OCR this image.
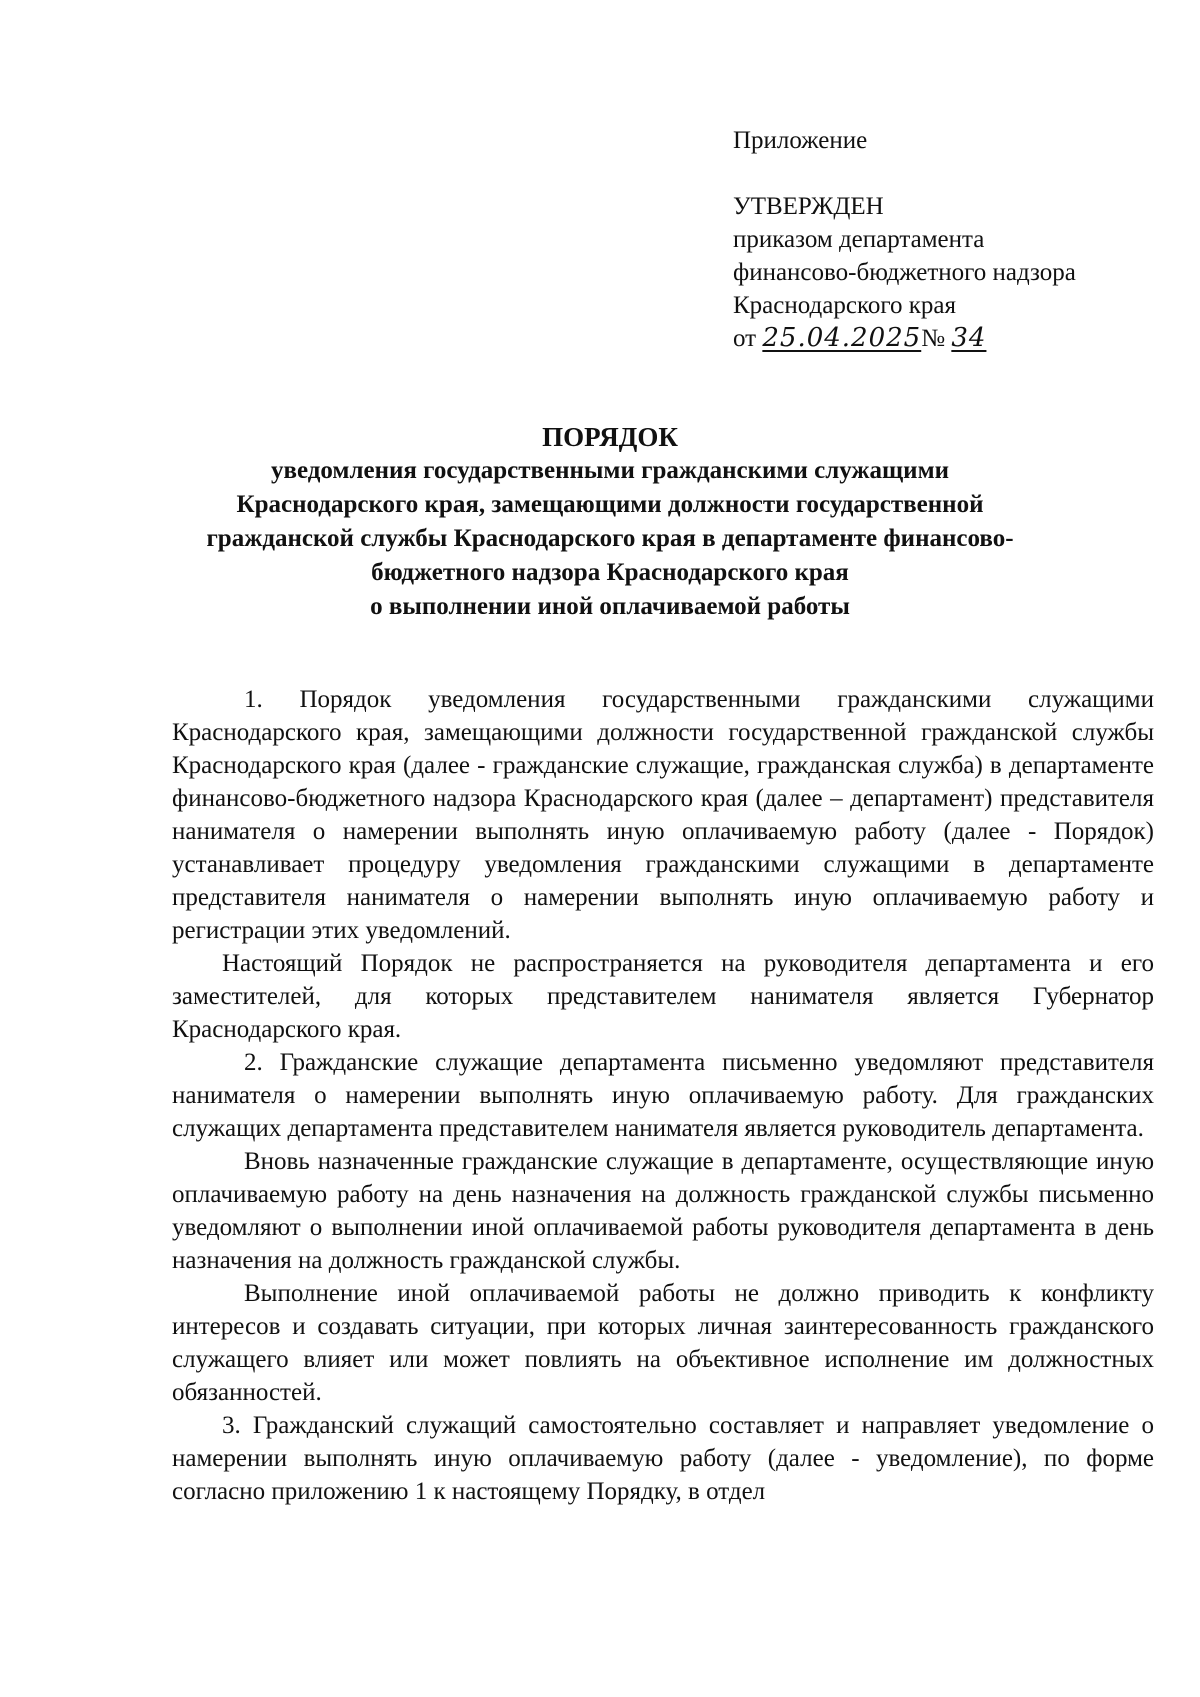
Приложение
УТВЕРЖДЕН
приказом департамента
финансово-бюджетного надзора
Краснодарского края
от 25.04.2025№ 34
ПОРЯДОК
уведомления государственными гражданскими служащими
Краснодарского края, замещающими должности государственной
гражданской службы Краснодарского края в департаменте финансово-
бюджетного надзора Краснодарского края
о выполнении иной оплачиваемой работы

1. Порядок уведомления государственными гражданскими служащими Краснодарского края, замещающими должности государственной гражданской службы Краснодарского края (далее - гражданские служащие, гражданская служба) в департаменте финансово-бюджетного надзора Краснодарского края (далее – департамент) представителя нанимателя о намерении выполнять иную оплачиваемую работу (далее - Порядок) устанавливает процедуру уведомления гражданскими служащими в департаменте представителя нанимателя о намерении выполнять иную оплачиваемую работу и регистрации этих уведомлений.

Настоящий Порядок не распространяется на руководителя департамента и его заместителей, для которых представителем нанимателя является Губернатор Краснодарского края.

2. Гражданские служащие департамента письменно уведомляют представителя нанимателя о намерении выполнять иную оплачиваемую работу. Для гражданских служащих департамента представителем нанимателя является руководитель департамента.

Вновь назначенные гражданские служащие в департаменте, осуществляющие иную оплачиваемую работу на день назначения на должность гражданской службы письменно уведомляют о выполнении иной оплачиваемой работы руководителя департамента в день назначения на должность гражданской службы.

Выполнение иной оплачиваемой работы не должно приводить к конфликту интересов и создавать ситуации, при которых личная заинтересованность гражданского служащего влияет или может повлиять на объективное исполнение им должностных обязанностей.

3. Гражданский служащий самостоятельно составляет и направляет уведомление о намерении выполнять иную оплачиваемую работу (далее - уведомление), по форме согласно приложению 1 к настоящему Порядку, в отдел
